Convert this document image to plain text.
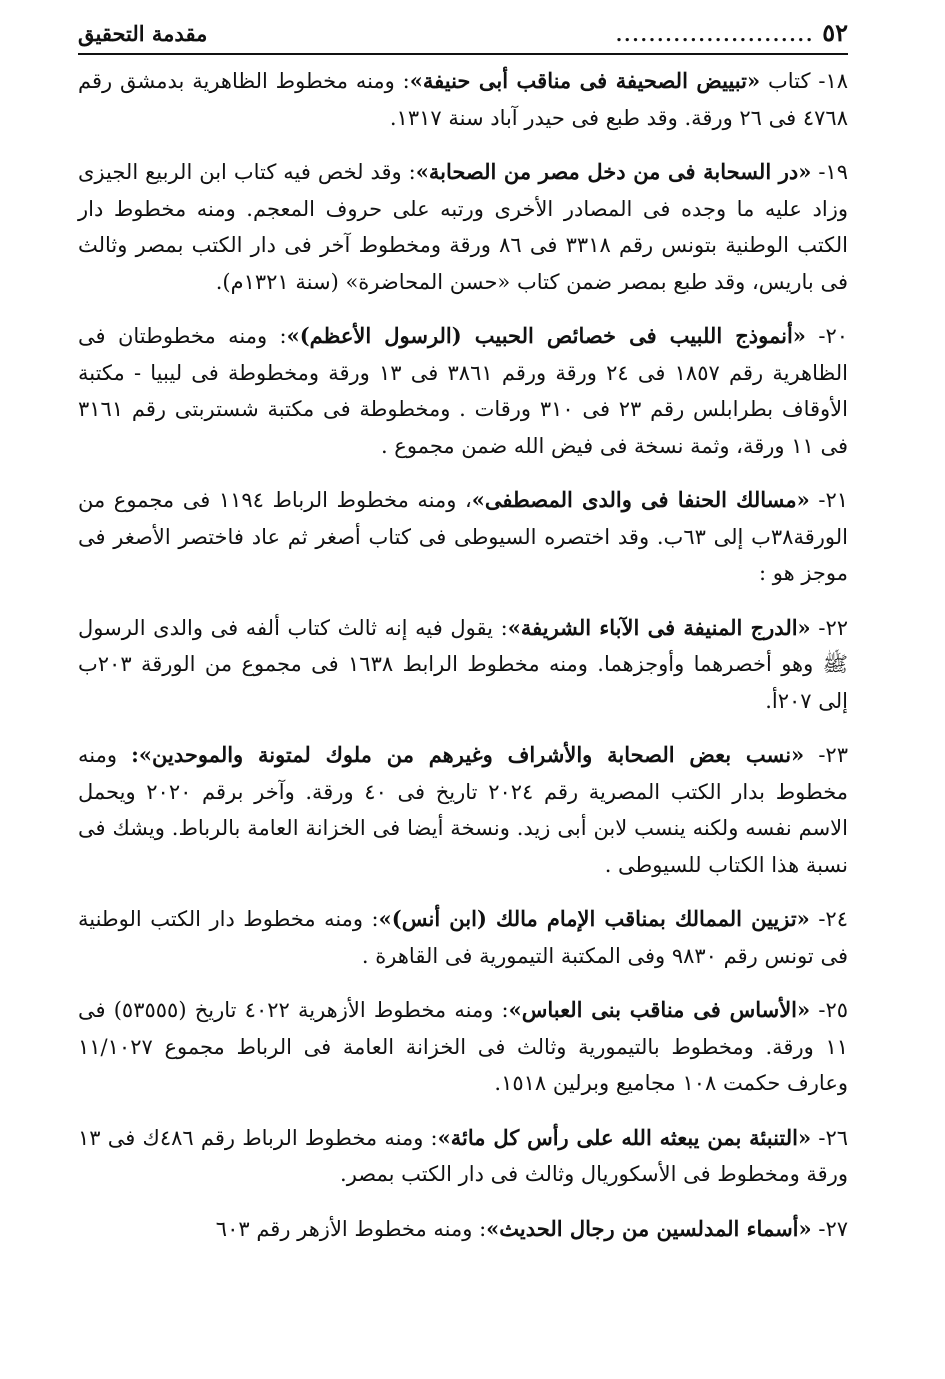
٥٢
........................
مقدمة التحقيق

١٨- كتاب «تبييض الصحيفة فى مناقب أبى حنيفة»: ومنه مخطوط الظاهرية بدمشق رقم ٤٧٦٨ فى ٢٦ ورقة. وقد طبع فى حيدر آباد سنة ١٣١٧.

١٩- «در السحابة فى من دخل مصر من الصحابة»: وقد لخص فيه كتاب ابن الربيع الجيزى وزاد عليه ما وجده فى المصادر الأخرى ورتبه على حروف المعجم. ومنه مخطوط دار الكتب الوطنية بتونس رقم ٣٣١٨ فى ٨٦ ورقة ومخطوط آخر فى دار الكتب بمصر وثالث فى باريس، وقد طبع بمصر ضمن كتاب «حسن المحاضرة» (سنة ١٣٢١م).

٢٠- «أنموذج اللبيب فى خصائص الحبيب (الرسول الأعظم)»: ومنه مخطوطتان فى الظاهرية رقم ١٨٥٧ فى ٢٤ ورقة ورقم ٣٨٦١ فى ١٣ ورقة ومخطوطة فى ليبيا - مكتبة الأوقاف بطرابلس رقم ٢٣ فى ٣١٠ ورقات . ومخطوطة فى مكتبة شستربتى رقم ٣١٦١ فى ١١ ورقة، وثمة نسخة فى فيض الله ضمن مجموع .

٢١- «مسالك الحنفا فى والدى المصطفى»، ومنه مخطوط الرباط ١١٩٤ فى مجموع من الورقة٣٨ب إلى ٦٣ب. وقد اختصره السيوطى فى كتاب أصغر ثم عاد فاختصر الأصغر فى موجز هو :

٢٢- «الدرج المنيفة فى الآباء الشريفة»: يقول فيه إنه ثالث كتاب ألفه فى والدى الرسول ﷺ وهو أخصرهما وأوجزهما. ومنه مخطوط الرابط ١٦٣٨ فى مجموع من الورقة ٢٠٣ب إلى ٢٠٧أ.

٢٣- «نسب بعض الصحابة والأشراف وغيرهم من ملوك لمتونة والموحدين»: ومنه مخطوط بدار الكتب المصرية رقم ٢٠٢٤ تاريخ فى ٤٠ ورقة. وآخر برقم ٢٠٢٠ ويحمل الاسم نفسه ولكنه ينسب لابن أبى زيد. ونسخة أيضا فى الخزانة العامة بالرباط. ويشك فى نسبة هذا الكتاب للسيوطى .

٢٤- «تزيين الممالك بمناقب الإمام مالك (ابن أنس)»: ومنه مخطوط دار الكتب الوطنية فى تونس رقم ٩٨٣٠ وفى المكتبة التيمورية فى القاهرة .

٢٥- «الأساس فى مناقب بنى العباس»: ومنه مخطوط الأزهرية ٤٠٢٢ تاريخ (٥٣٥٥٥) فى ١١ ورقة. ومخطوط بالتيمورية وثالث فى الخزانة العامة فى الرباط مجموع ١١/١٠٢٧ وعارف حكمت ١٠٨ مجاميع وبرلين ١٥١٨.

٢٦- «التنبئة بمن يبعثه الله على رأس كل مائة»: ومنه مخطوط الرباط رقم ٤٨٦ك فى ١٣ ورقة ومخطوط فى الأسكوريال وثالث فى دار الكتب بمصر.

٢٧- «أسماء المدلسين من رجال الحديث»: ومنه مخطوط الأزهر رقم ٦٠٣
